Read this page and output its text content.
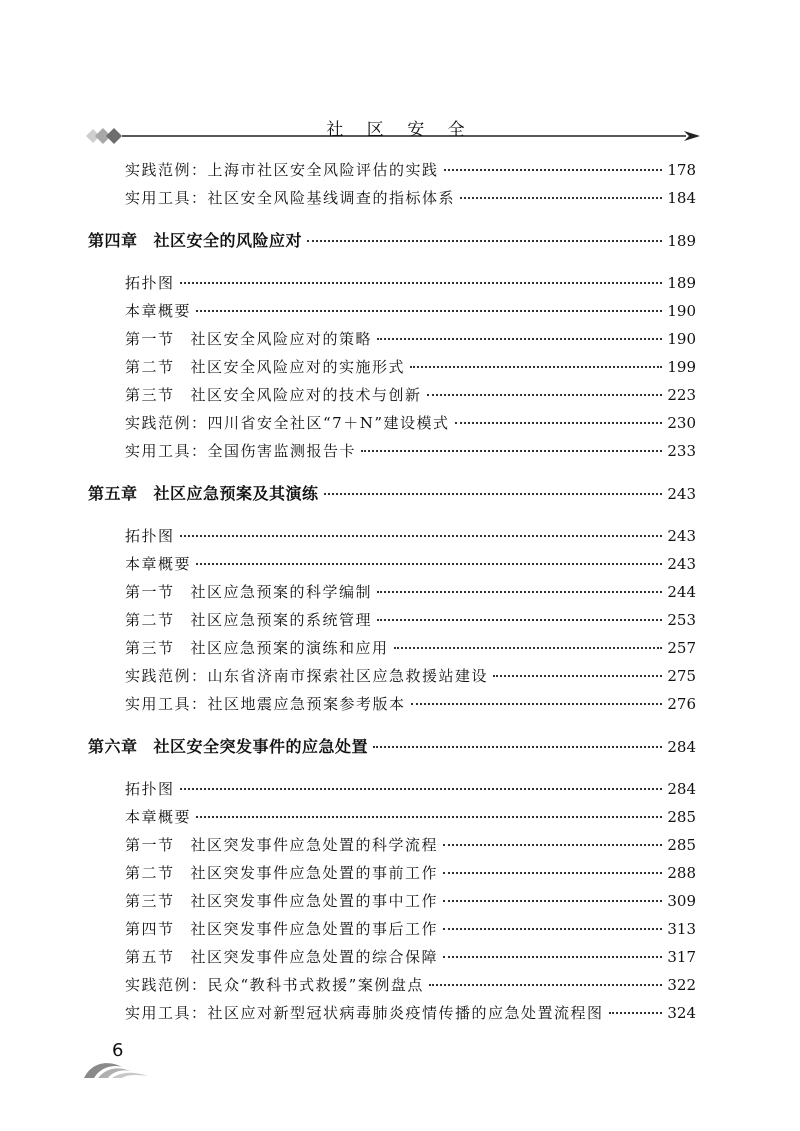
社 区 安 全
实践范例：上海市社区安全风险评估的实践	178
实用工具：社区安全风险基线调查的指标体系	184
第四章 社区安全的风险应对	189
拓扑图	189
本章概要	190
第一节 社区安全风险应对的策略	190
第二节 社区安全风险应对的实施形式	199
第三节 社区安全风险应对的技术与创新	223
实践范例：四川省安全社区“7＋N”建设模式	230
实用工具：全国伤害监测报告卡	233
第五章 社区应急预案及其演练	243
拓扑图	243
本章概要	243
第一节 社区应急预案的科学编制	244
第二节 社区应急预案的系统管理	253
第三节 社区应急预案的演练和应用	257
实践范例：山东省济南市探索社区应急救援站建设	275
实用工具：社区地震应急预案参考版本	276
第六章 社区安全突发事件的应急处置	284
拓扑图	284
本章概要	285
第一节 社区突发事件应急处置的科学流程	285
第二节 社区突发事件应急处置的事前工作	288
第三节 社区突发事件应急处置的事中工作	309
第四节 社区突发事件应急处置的事后工作	313
第五节 社区突发事件应急处置的综合保障	317
实践范例：民众“教科书式救援”案例盘点	322
实用工具：社区应对新型冠状病毒肺炎疫情传播的应急处置流程图	324
6
